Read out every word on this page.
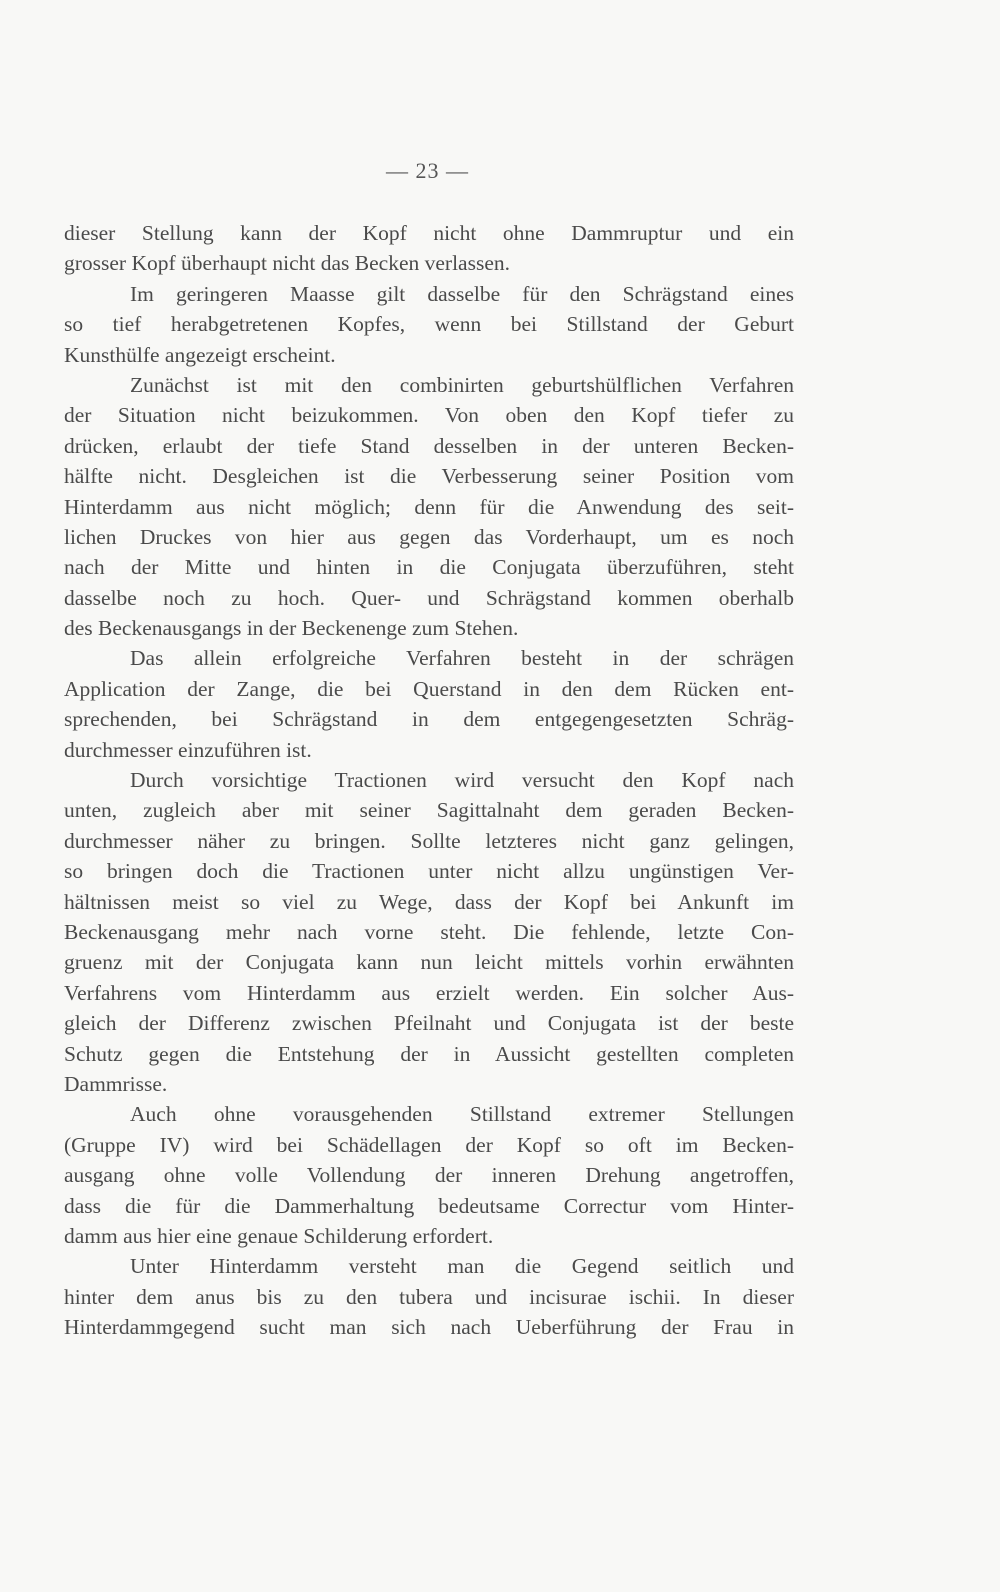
— 23 —
dieser Stellung kann der Kopf nicht ohne Dammruptur und ein
grosser Kopf überhaupt nicht das Becken verlassen.
Im geringeren Maasse gilt dasselbe für den Schrägstand eines
so tief herabgetretenen Kopfes, wenn bei Stillstand der Geburt
Kunsthülfe angezeigt erscheint.
Zunächst ist mit den combinirten geburtshülflichen Verfahren
der Situation nicht beizukommen. Von oben den Kopf tiefer zu
drücken, erlaubt der tiefe Stand desselben in der unteren Becken-
hälfte nicht. Desgleichen ist die Verbesserung seiner Position vom
Hinterdamm aus nicht möglich; denn für die Anwendung des seit-
lichen Druckes von hier aus gegen das Vorderhaupt, um es noch
nach der Mitte und hinten in die Conjugata überzuführen, steht
dasselbe noch zu hoch. Quer- und Schrägstand kommen oberhalb
des Beckenausgangs in der Beckenenge zum Stehen.
Das allein erfolgreiche Verfahren besteht in der schrägen
Application der Zange, die bei Querstand in den dem Rücken ent-
sprechenden, bei Schrägstand in dem entgegengesetzten Schräg-
durchmesser einzuführen ist.
Durch vorsichtige Tractionen wird versucht den Kopf nach
unten, zugleich aber mit seiner Sagittalnaht dem geraden Becken-
durchmesser näher zu bringen. Sollte letzteres nicht ganz gelingen,
so bringen doch die Tractionen unter nicht allzu ungünstigen Ver-
hältnissen meist so viel zu Wege, dass der Kopf bei Ankunft im
Beckenausgang mehr nach vorne steht. Die fehlende, letzte Con-
gruenz mit der Conjugata kann nun leicht mittels vorhin erwähnten
Verfahrens vom Hinterdamm aus erzielt werden. Ein solcher Aus-
gleich der Differenz zwischen Pfeilnaht und Conjugata ist der beste
Schutz gegen die Entstehung der in Aussicht gestellten completen
Dammrisse.
Auch ohne vorausgehenden Stillstand extremer Stellungen
(Gruppe IV) wird bei Schädellagen der Kopf so oft im Becken-
ausgang ohne volle Vollendung der inneren Drehung angetroffen,
dass die für die Dammerhaltung bedeutsame Correctur vom Hinter-
damm aus hier eine genaue Schilderung erfordert.
Unter Hinterdamm versteht man die Gegend seitlich und
hinter dem anus bis zu den tubera und incisurae ischii. In dieser
Hinterdammgegend sucht man sich nach Ueberführung der Frau in
